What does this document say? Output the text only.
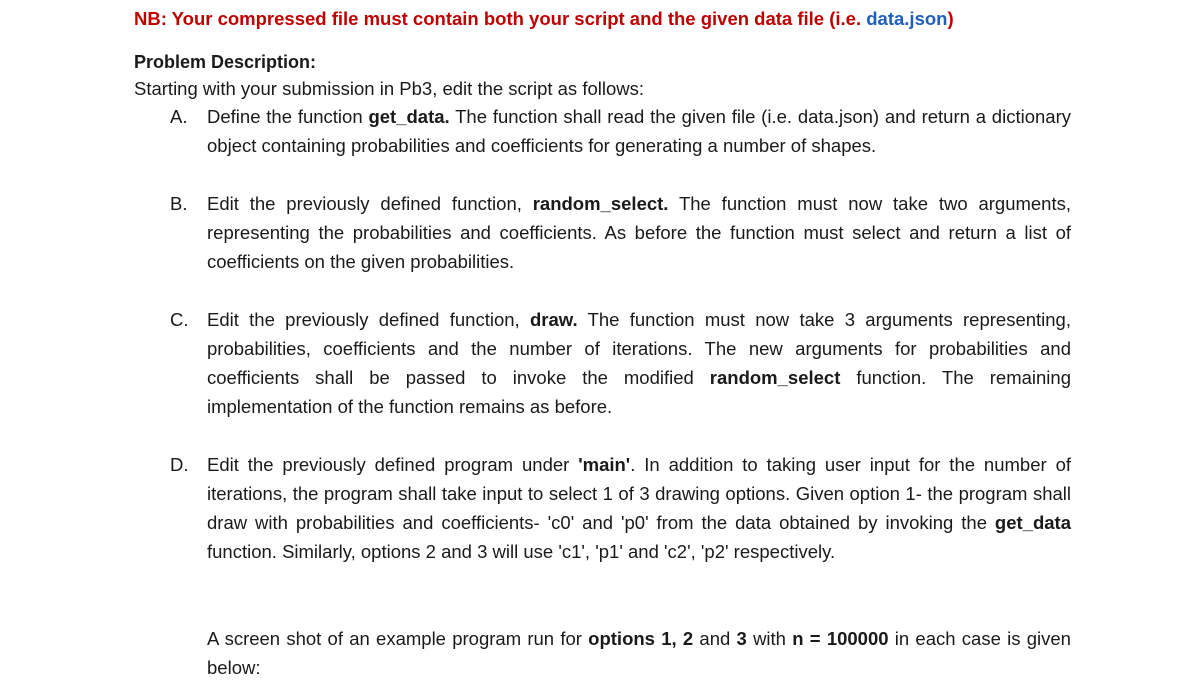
NB: Your compressed file must contain both your script and the given data file (i.e. data.json)
Problem Description:
Starting with your submission in Pb3, edit the script as follows:
A. Define the function get_data. The function shall read the given file (i.e. data.json) and return a dictionary object containing probabilities and coefficients for generating a number of shapes.
B. Edit the previously defined function, random_select. The function must now take two arguments, representing the probabilities and coefficients. As before the function must select and return a list of coefficients on the given probabilities.
C. Edit the previously defined function, draw. The function must now take 3 arguments representing, probabilities, coefficients and the number of iterations. The new arguments for probabilities and coefficients shall be passed to invoke the modified random_select function. The remaining implementation of the function remains as before.
D. Edit the previously defined program under 'main'. In addition to taking user input for the number of iterations, the program shall take input to select 1 of 3 drawing options. Given option 1- the program shall draw with probabilities and coefficients- 'c0' and 'p0' from the data obtained by invoking the get_data function. Similarly, options 2 and 3 will use 'c1', 'p1' and 'c2', 'p2' respectively.
A screen shot of an example program run for options 1, 2 and 3 with n = 100000 in each case is given below:
